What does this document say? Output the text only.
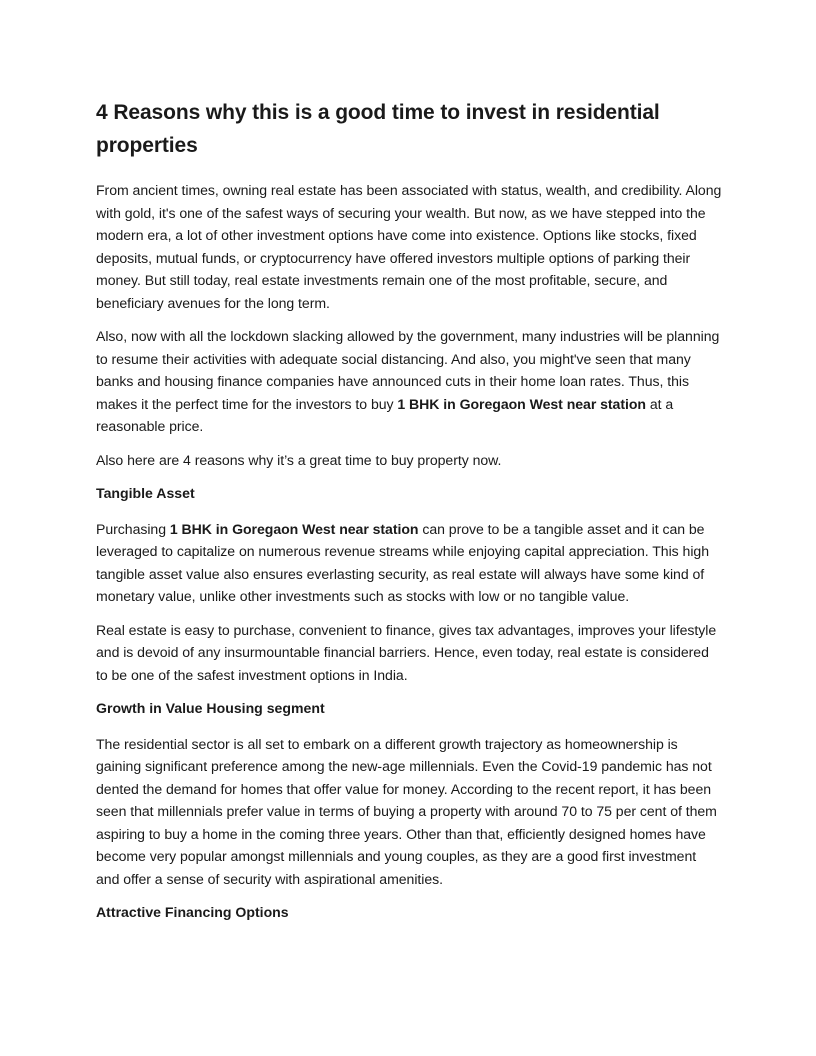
4 Reasons why this is a good time to invest in residential properties

From ancient times, owning real estate has been associated with status, wealth, and credibility. Along with gold, it's one of the safest ways of securing your wealth. But now, as we have stepped into the modern era, a lot of other investment options have come into existence. Options like stocks, fixed deposits, mutual funds, or cryptocurrency have offered investors multiple options of parking their money. But still today, real estate investments remain one of the most profitable, secure, and beneficiary avenues for the long term.

Also, now with all the lockdown slacking allowed by the government, many industries will be planning to resume their activities with adequate social distancing. And also, you might've seen that many banks and housing finance companies have announced cuts in their home loan rates. Thus, this makes it the perfect time for the investors to buy 1 BHK in Goregaon West near station at a reasonable price.

Also here are 4 reasons why it’s a great time to buy property now.

Tangible Asset

Purchasing 1 BHK in Goregaon West near station can prove to be a tangible asset and it can be leveraged to capitalize on numerous revenue streams while enjoying capital appreciation. This high tangible asset value also ensures everlasting security, as real estate will always have some kind of monetary value, unlike other investments such as stocks with low or no tangible value.

Real estate is easy to purchase, convenient to finance, gives tax advantages, improves your lifestyle and is devoid of any insurmountable financial barriers. Hence, even today, real estate is considered to be one of the safest investment options in India.

Growth in Value Housing segment

The residential sector is all set to embark on a different growth trajectory as homeownership is gaining significant preference among the new-age millennials. Even the Covid-19 pandemic has not dented the demand for homes that offer value for money. According to the recent report, it has been seen that millennials prefer value in terms of buying a property with around 70 to 75 per cent of them aspiring to buy a home in the coming three years. Other than that, efficiently designed homes have become very popular amongst millennials and young couples, as they are a good first investment and offer a sense of security with aspirational amenities.

Attractive Financing Options
